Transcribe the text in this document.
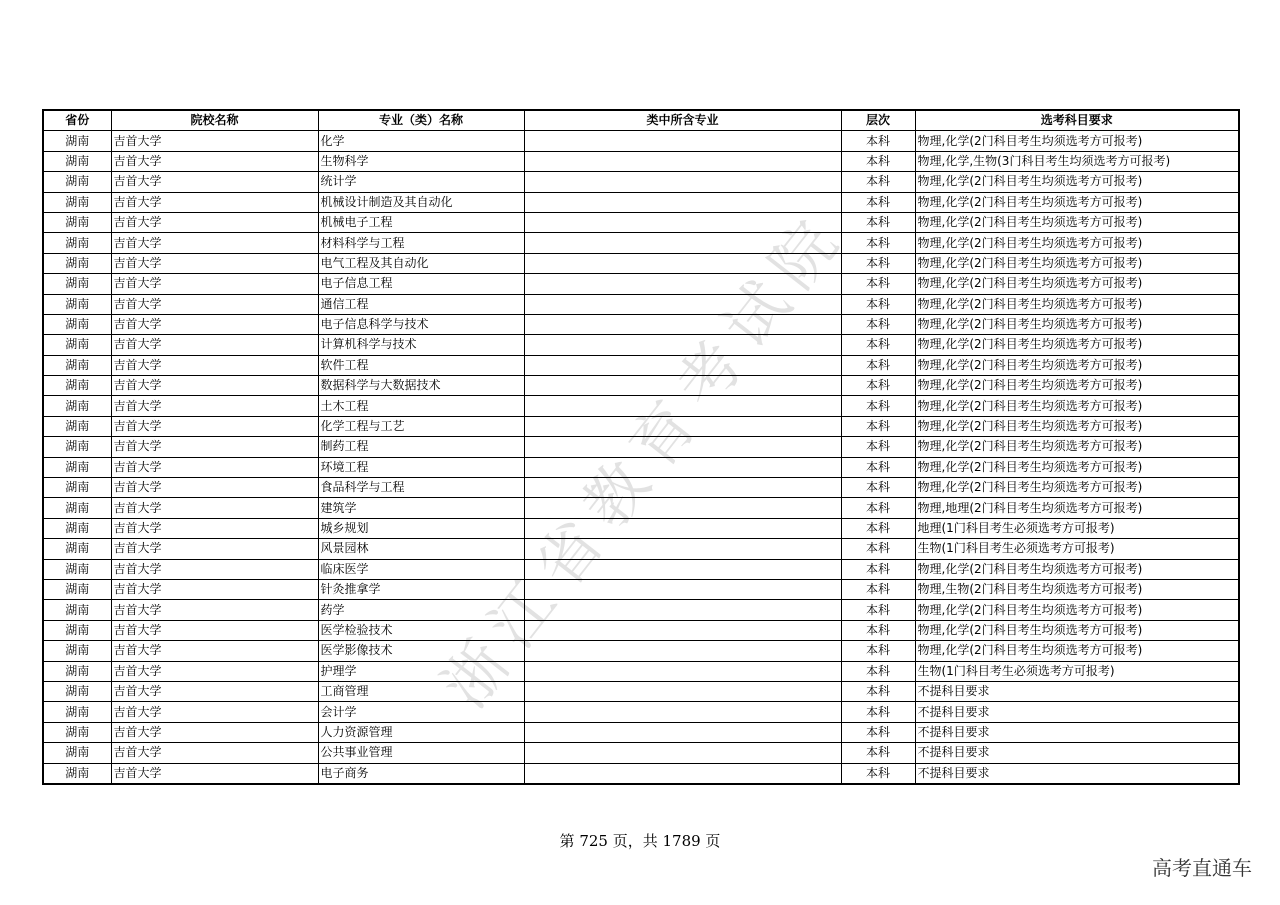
浙江省教育考试院
省份	院校名称	专业（类）名称	类中所含专业	层次	选考科目要求
湖南	吉首大学	化学		本科	物理,化学(2门科目考生均须选考方可报考)
湖南	吉首大学	生物科学		本科	物理,化学,生物(3门科目考生均须选考方可报考)
湖南	吉首大学	统计学		本科	物理,化学(2门科目考生均须选考方可报考)
湖南	吉首大学	机械设计制造及其自动化		本科	物理,化学(2门科目考生均须选考方可报考)
湖南	吉首大学	机械电子工程		本科	物理,化学(2门科目考生均须选考方可报考)
湖南	吉首大学	材料科学与工程		本科	物理,化学(2门科目考生均须选考方可报考)
湖南	吉首大学	电气工程及其自动化		本科	物理,化学(2门科目考生均须选考方可报考)
湖南	吉首大学	电子信息工程		本科	物理,化学(2门科目考生均须选考方可报考)
湖南	吉首大学	通信工程		本科	物理,化学(2门科目考生均须选考方可报考)
湖南	吉首大学	电子信息科学与技术		本科	物理,化学(2门科目考生均须选考方可报考)
湖南	吉首大学	计算机科学与技术		本科	物理,化学(2门科目考生均须选考方可报考)
湖南	吉首大学	软件工程		本科	物理,化学(2门科目考生均须选考方可报考)
湖南	吉首大学	数据科学与大数据技术		本科	物理,化学(2门科目考生均须选考方可报考)
湖南	吉首大学	土木工程		本科	物理,化学(2门科目考生均须选考方可报考)
湖南	吉首大学	化学工程与工艺		本科	物理,化学(2门科目考生均须选考方可报考)
湖南	吉首大学	制药工程		本科	物理,化学(2门科目考生均须选考方可报考)
湖南	吉首大学	环境工程		本科	物理,化学(2门科目考生均须选考方可报考)
湖南	吉首大学	食品科学与工程		本科	物理,化学(2门科目考生均须选考方可报考)
湖南	吉首大学	建筑学		本科	物理,地理(2门科目考生均须选考方可报考)
湖南	吉首大学	城乡规划		本科	地理(1门科目考生必须选考方可报考)
湖南	吉首大学	风景园林		本科	生物(1门科目考生必须选考方可报考)
湖南	吉首大学	临床医学		本科	物理,化学(2门科目考生均须选考方可报考)
湖南	吉首大学	针灸推拿学		本科	物理,生物(2门科目考生均须选考方可报考)
湖南	吉首大学	药学		本科	物理,化学(2门科目考生均须选考方可报考)
湖南	吉首大学	医学检验技术		本科	物理,化学(2门科目考生均须选考方可报考)
湖南	吉首大学	医学影像技术		本科	物理,化学(2门科目考生均须选考方可报考)
湖南	吉首大学	护理学		本科	生物(1门科目考生必须选考方可报考)
湖南	吉首大学	工商管理		本科	不提科目要求
湖南	吉首大学	会计学		本科	不提科目要求
湖南	吉首大学	人力资源管理		本科	不提科目要求
湖南	吉首大学	公共事业管理		本科	不提科目要求
湖南	吉首大学	电子商务		本科	不提科目要求
第 725 页，共 1789 页
高考直通车
